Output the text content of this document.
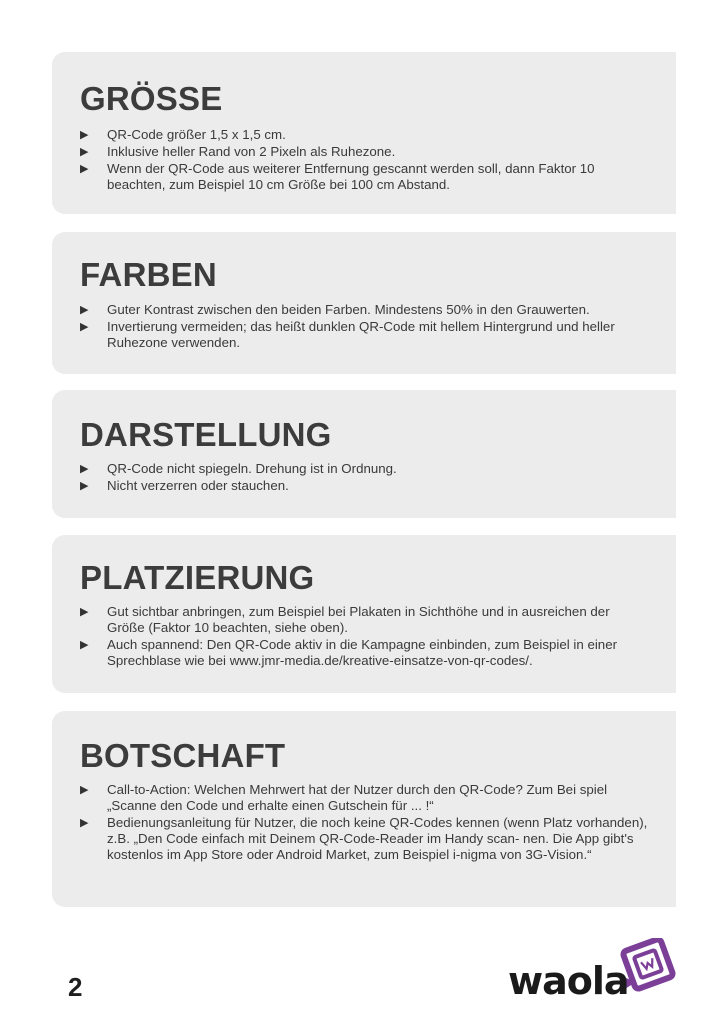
GRÖSSE
▶ QR-Code größer 1,5 x 1,5 cm.
▶ Inklusive heller Rand von 2 Pixeln als Ruhezone.
▶ Wenn der QR-Code aus weiterer Entfernung gescannt werden soll, dann Faktor 10 beachten, zum Beispiel 10 cm Größe bei 100 cm Abstand.
FARBEN
▶ Guter Kontrast zwischen den beiden Farben. Mindestens 50% in den Grauwerten.
▶ Invertierung vermeiden; das heißt dunklen QR-Code mit hellem Hintergrund und heller Ruhezone verwenden.
DARSTELLUNG
▶ QR-Code nicht spiegeln. Drehung ist in Ordnung.
▶ Nicht verzerren oder stauchen.
PLATZIERUNG
▶ Gut sichtbar anbringen, zum Beispiel bei Plakaten in Sichthöhe und in ausreichen der Größe (Faktor 10 beachten, siehe oben).
▶ Auch spannend: Den QR-Code aktiv in die Kampagne einbinden, zum Beispiel in einer Sprechblase wie bei www.jmr-media.de/kreative-einsatze-von-qr-codes/.
BOTSCHAFT
▶ Call-to-Action: Welchen Mehrwert hat der Nutzer durch den QR-Code? Zum Bei spiel „Scanne den Code und erhalte einen Gutschein für ... !“
▶ Bedienungsanleitung für Nutzer, die noch keine QR-Codes kennen (wenn Platz vorhanden), z.B. „Den Code einfach mit Deinem QR-Code-Reader im Handy scan- nen. Die App gibt's kostenlos im App Store oder Android Market, zum Beispiel i-nigma von 3G-Vision.“
2	waola
